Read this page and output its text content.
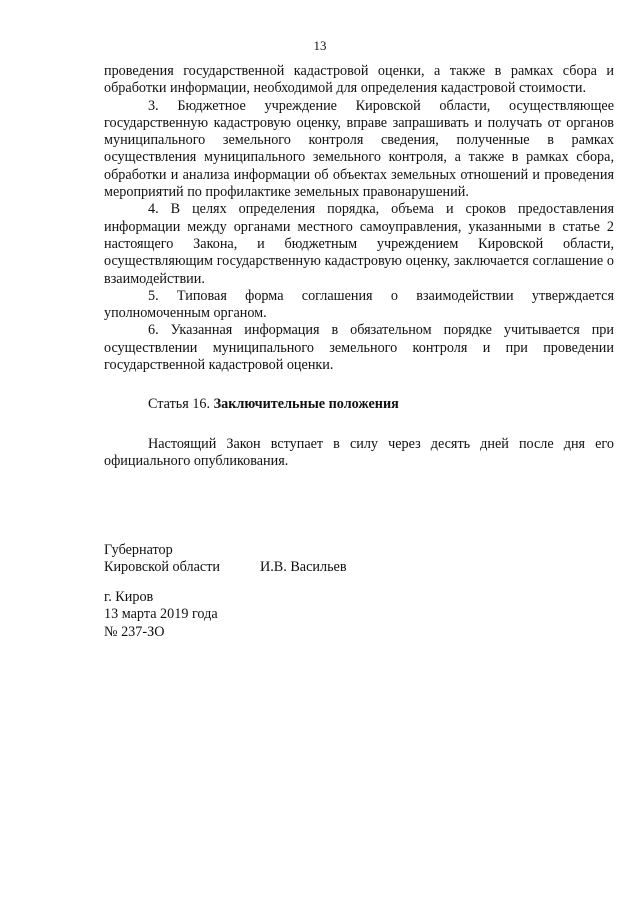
13

проведения государственной кадастровой оценки, а также в рамках сбора и обработки информации, необходимой для определения кадастровой стоимости.

3. Бюджетное учреждение Кировской области, осуществляющее государственную кадастровую оценку, вправе запрашивать и получать от органов муниципального земельного контроля сведения, полученные в рамках осуществления муниципального земельного контроля, а также в рамках сбора, обработки и анализа информации об объектах земельных отношений и проведения мероприятий по профилактике земельных правонарушений.

4. В целях определения порядка, объема и сроков предоставления информации между органами местного самоуправления, указанными в статье 2 настоящего Закона, и бюджетным учреждением Кировской области, осуществляющим государственную кадастровую оценку, заключается соглашение о взаимодействии.

5. Типовая форма соглашения о взаимодействии утверждается уполномоченным органом.

6. Указанная информация в обязательном порядке учитывается при осуществлении муниципального земельного контроля и при проведении государственной кадастровой оценки.

Статья 16. Заключительные положения

Настоящий Закон вступает в силу через десять дней после дня его официального опубликования.

Губернатор
Кировской области	И.В. Васильев
г. Киров
13 марта 2019 года
№ 237-ЗО
